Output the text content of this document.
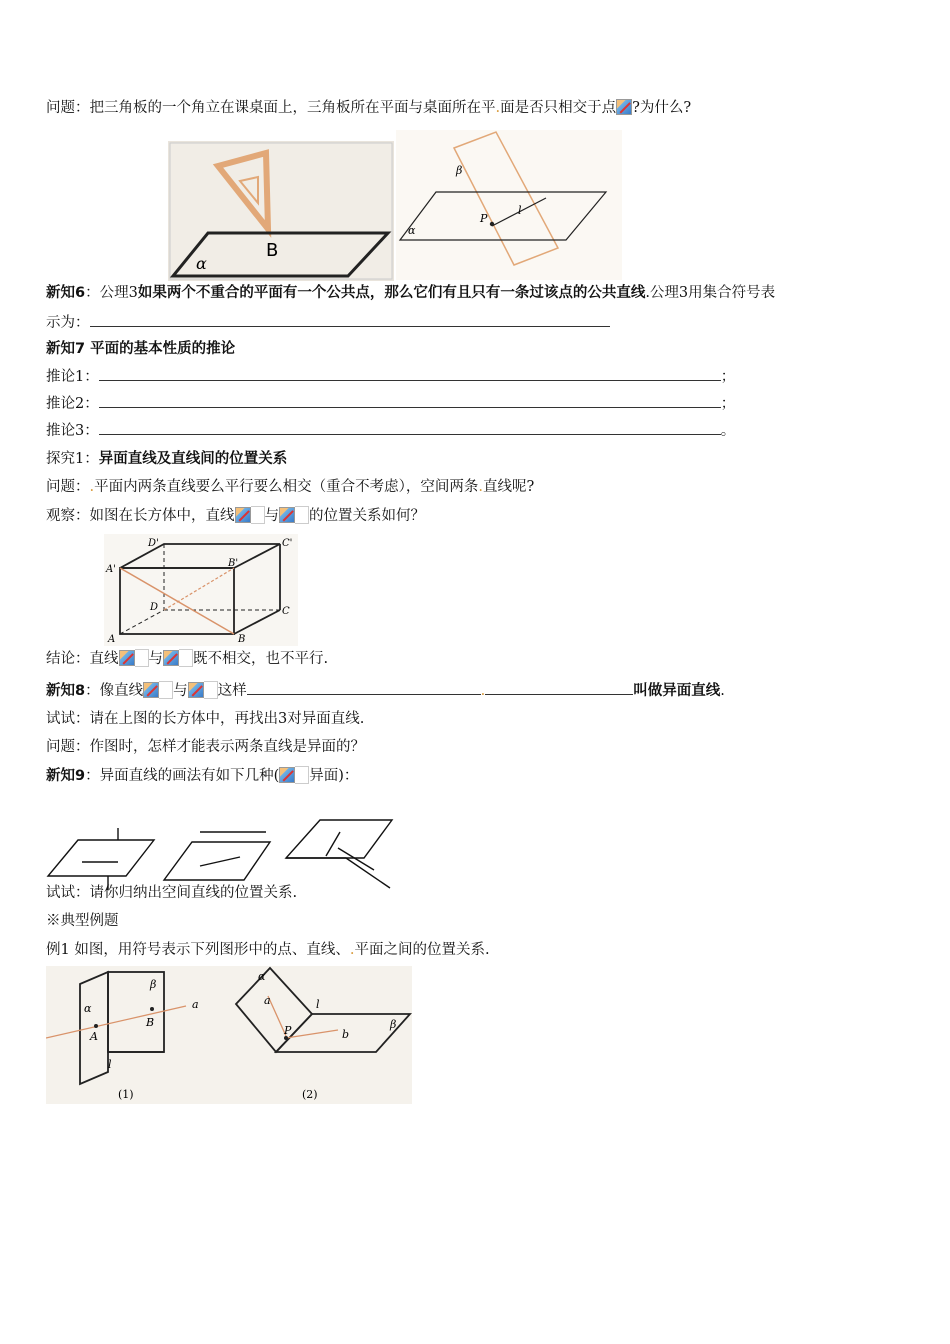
问题：把三角板的一个角立在课桌面上，三角板所在平面与桌面所在平.面是否只相交于点 ?为什么?
α
B
β
α
P
l
新知6：公理3如果两个不重合的平面有一个公共点，那么它们有且只有一条过该点的公共直线.公理3用集合符号表
示为：
新知7 平面的基本性质的推论
推论1：	；
推论2：	；
推论3：	。
探究1：异面直线及直线间的位置关系
问题：.平面内两条直线要么平行要么相交（重合不考虑），空间两条.直线呢?
观察：如图在长方体中，直线 与 的位置关系如何？
D'	C'
A'
B'
D	C
A	B
结论：直线 与 既不相交，也不平行.
新知8：像直线 与 这样	.	叫做异面直线.
试试：请在上图的长方体中，再找出3对异面直线.
问题：作图时，怎样才能表示两条直线是异面的？
新知9：异面直线的画法有如下几种( 异面)：
试试：请你归纳出空间直线的位置关系.
※典型例题
例1 如图，用符号表示下列图形中的点、直线、.平面之间的位置关系.
α
β
a
A
B
l
(1)
α
a	l
P	b
β
(2)
